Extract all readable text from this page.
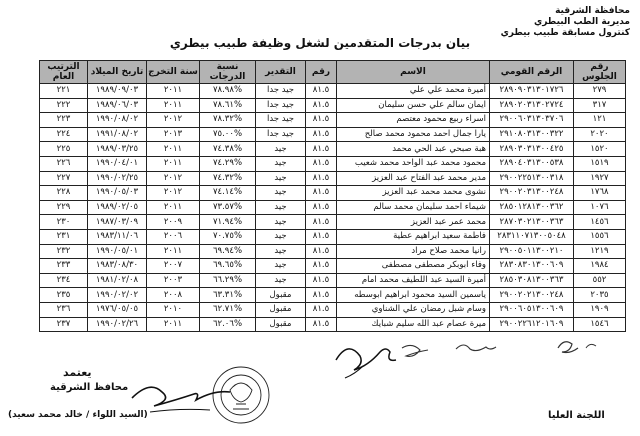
محافظة الشرقية
مديرية الطب البيطري
كنترول مسابقة طبيب بيطري
بيان بدرجات المتقدمين لشغل وظيفة طبيب بيطري
رقم الجلوس	الرقم القومي	الاسم	رقم	التقدير	نسبة الدرجات	سنة التخرج	تاريخ الميلاد	الترتيب العام
٢٧٩	٢٨٩٠٩٠٣١٣٠١٧٢٦	أميرة محمد علي علي	٨١.٥	جيد جدا	%٧٨.٩٨	٢٠١١	١٩٨٩/٠٩/٠٣	٢٢١
٣١٧	٢٨٩٠٢٠٣١٣٠٢٧٢٤	ايمان سالم علي حسن سليمان	٨١.٥	جيد جدا	%٧٨.٦١	٢٠١١	١٩٨٩/٠٦/٠٣	٢٢٢
١٢١	٢٩٠٠٦٠٣١٣٠٣٧٠٦	اسراء ربيع محمود معتصم	٨١.٥	جيد جدا	%٧٨.٣٢	٢٠١٢	١٩٩٠/٠٨/٠٢	٢٢٣
٢٠٢٠	٢٩١٠٨٠٣١٣٠٠٣٢٢	يارا جمال احمد محمود محمد صالح	٨١.٥	جيد جدا	%٧٥.٠٠	٢٠١٣	١٩٩١/٠٨/٠٢	٢٢٤
١٥٢٠	٢٨٩٠٣٠٣١٣٠٠٤٢٥	هبة صبحي عبد الحي محمد	٨١.٥	جيد	%٧٤.٣٨	٢٠١١	١٩٨٩/٠٣/٢٥	٢٢٥
١٥١٩	٢٨٩٠٤٠٣١٣٠٠٥٣٨	محمود محمد عبد الواحد محمد شعيب	٨١.٥	جيد	%٧٤.٢٩	٢٠١١	١٩٩٠/٠٤/٠١	٢٢٦
١٩٢٧	٢٩٠٠٢٢٥١٣٠٠٣١٨	مدير محمد عبد الفتاح عبد العزيز	٨١.٥	جيد	%٧٤.٣٢	٢٠١٢	١٩٩٠/٠٢/٢٥	٢٢٧
١٧٦٨	٢٩٠٠٢٠٣١٣٠٠٢٤٨	نشوى محمد محمد عبد العزيز	٨١.٥	جيد	%٧٤.١٤	٢٠١٢	١٩٩٠/٠٥/٠٣	٢٢٨
١٠٧٦	٢٨٥٠١٢٨١٣٠٠٣٦٢	شيماء احمد سليمان محمد سالم	٨١.٥	جيد	%٧٣.٥٧	٢٠١١	١٩٨٩/٠٢/٠٥	٢٢٩
١٤٥٦	٢٨٧٠٣٠٢١٣٠٠٣٦٣	محمد عمر عبد العزيز	٨١.٥	جيد	%٧١.٩٤	٢٠٠٩	١٩٨٧/٠٣/٠٩	٢٣٠
١٥٥٦	٢٨٣١١٠٧١٣٠٠٥٠٤٨	فاطمة سعيد ابراهيم عطية	٨١.٥	جيد	%٧٠.٧٥	٢٠٠٦	١٩٨٣/١١/٠٦	٢٣١
١٢١٩	٢٩٠٠٥٠١١٣٠٠٢١٠	رانيا محمد صلاح مراد	٨١.٥	جيد	%٦٩.٩٤	٢٠١١	١٩٩٠/٠٥/٠١	٢٣٢
١٩٨٤	٢٨٣٠٨٣٠١٣٠٠٦٠٩	وفاء ابوبكر مصطفى مصطفى	٨١.٥	جيد	%٦٩.٦٥	٢٠٠٧	١٩٨٣/٠٨/٣٠	٢٣٣
٥٥٢	٢٨٥٠٣٠٨١٣٠٠٣٦٣	أميرة السيد عبد اللطيف محمد امام	٨١.٥	جيد	%٦٦.٢٩	٢٠٠٣	١٩٨١/٠٢/٠٨	٢٣٤
٢٠٣٥	٢٩٠٠٢٠٢١٣٠٠٢٤٨	ياسمين السيد محمود ابراهيم ابوسطه	٨١.٥	مقبول	%٦٣.٣١	٢٠٠٨	١٩٩٠/٠٢/٠٢	٢٣٥
١٩٠٩	٢٩٠٠٦٠٥١٣٠٠٦٠٩	وسام شبل رمضان علي الشناوي	٨١.٥	مقبول	%٦٢.٧١	٢٠١٠	١٩٧٦/٠٥/٠٥	٢٣٦
١٥٤٦	٢٩٠٠٢٢٦١٢٠١٦٠٩	ميرة عصام عبد الله سليم شبايك	٨١.٥	مقبول	%٦٢.٠٦	٢٠١١	١٩٩٠/٠٢/٢٦	٢٣٧
يعتمد
محافظ الشرقية
(السيد اللواء / خالد محمد سعيد)	اللجنة العليا
